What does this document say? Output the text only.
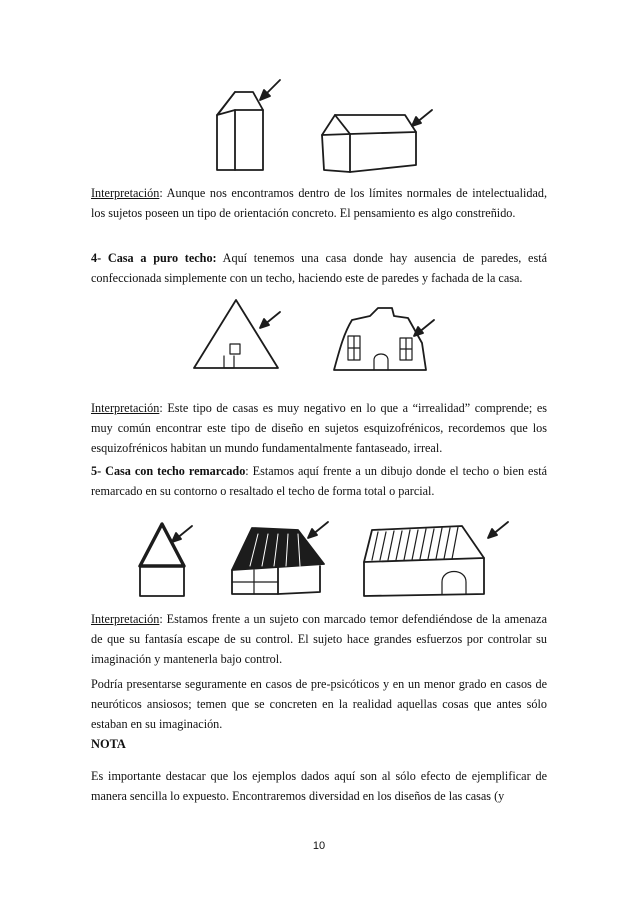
Interpretación: Aunque nos encontramos dentro de los límites normales de intelectualidad, los sujetos poseen un tipo de orientación concreto. El pensamiento es algo constreñido.

4- Casa a puro techo: Aquí tenemos una casa donde hay ausencia de paredes, está confeccionada simplemente con un techo, haciendo este de paredes y fachada de la casa.

Interpretación: Este tipo de casas es muy negativo en lo que a “irrealidad” comprende; es muy común encontrar este tipo de diseño en sujetos esquizofrénicos, recordemos que los esquizofrénicos habitan un mundo fundamentalmente fantaseado, irreal.

5- Casa con techo remarcado: Estamos aquí frente a un dibujo donde el techo o bien está remarcado en su contorno o resaltado el techo de forma total o parcial.

Interpretación: Estamos frente a un sujeto con marcado temor defendiéndose de la amenaza de que su fantasía escape de su control. El sujeto hace grandes esfuerzos por controlar su imaginación y mantenerla bajo control.

Podría presentarse seguramente en casos de pre-psicóticos y en un menor grado en casos de neuróticos ansiosos; temen que se concreten en la realidad aquellas cosas que antes sólo estaban en su imaginación.

NOTA

Es importante destacar que los ejemplos dados aquí son al sólo efecto de ejemplificar de manera sencilla lo expuesto. Encontraremos diversidad en los diseños de las casas (y

10
